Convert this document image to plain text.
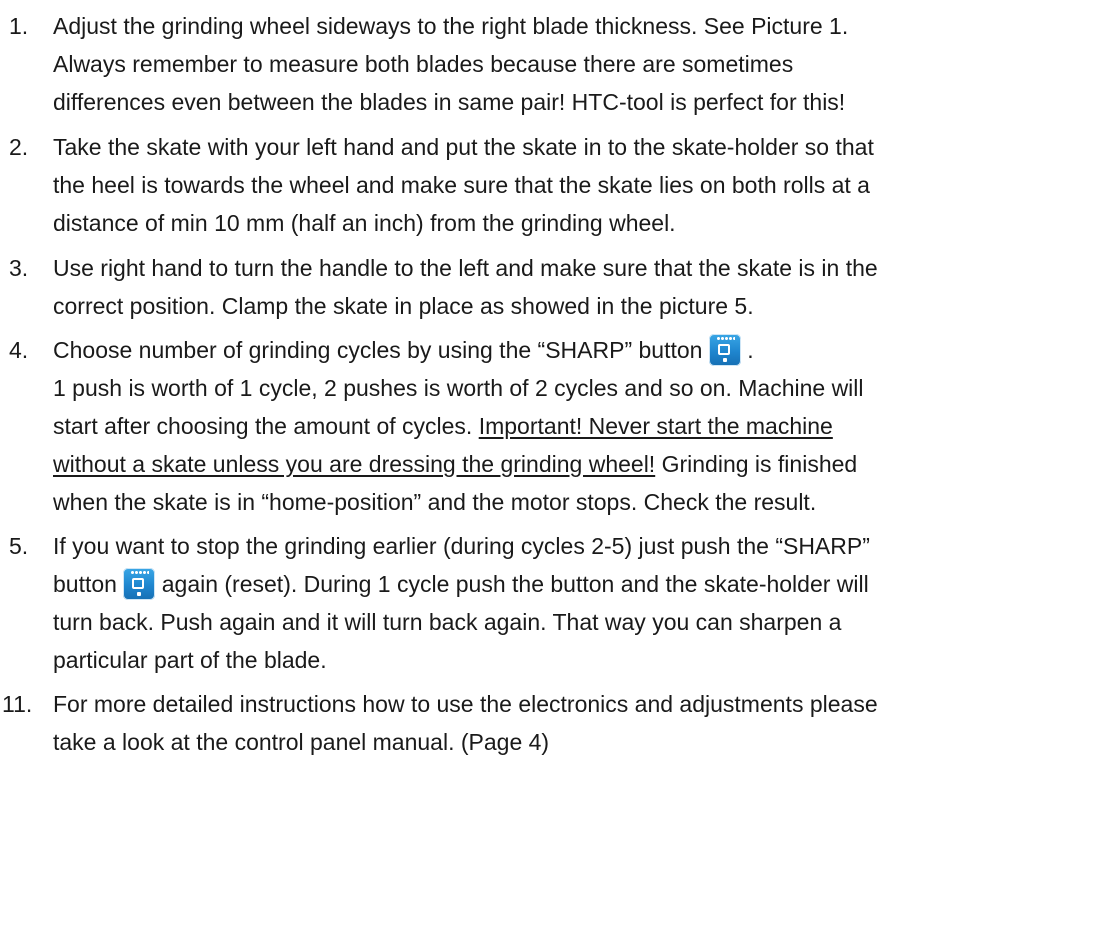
1. Adjust the grinding wheel sideways to the right blade thickness. See Picture 1.
Always remember to measure both blades because there are sometimes
differences even between the blades in same pair! HTC-tool is perfect for this!
2. Take the skate with your left hand and put the skate in to the skate-holder so that
the heel is towards the wheel and make sure that the skate lies on both rolls at a
distance of min 10 mm (half an inch) from the grinding wheel.
3. Use right hand to turn the handle to the left and make sure that the skate is in the
correct position. Clamp the skate in place as showed in the picture 5.
4. Choose number of grinding cycles by using the “SHARP” button .
1 push is worth of 1 cycle, 2 pushes is worth of 2 cycles and so on. Machine will
start after choosing the amount of cycles. Important! Never start the machine
without a skate unless you are dressing the grinding wheel! Grinding is finished
when the skate is in “home-position” and the motor stops. Check the result.
5. If you want to stop the grinding earlier (during cycles 2-5) just push the “SHARP”
button again (reset). During 1 cycle push the button and the skate-holder will
turn back. Push again and it will turn back again. That way you can sharpen a
particular part of the blade.
11. For more detailed instructions how to use the electronics and adjustments please
take a look at the control panel manual. (Page 4)
